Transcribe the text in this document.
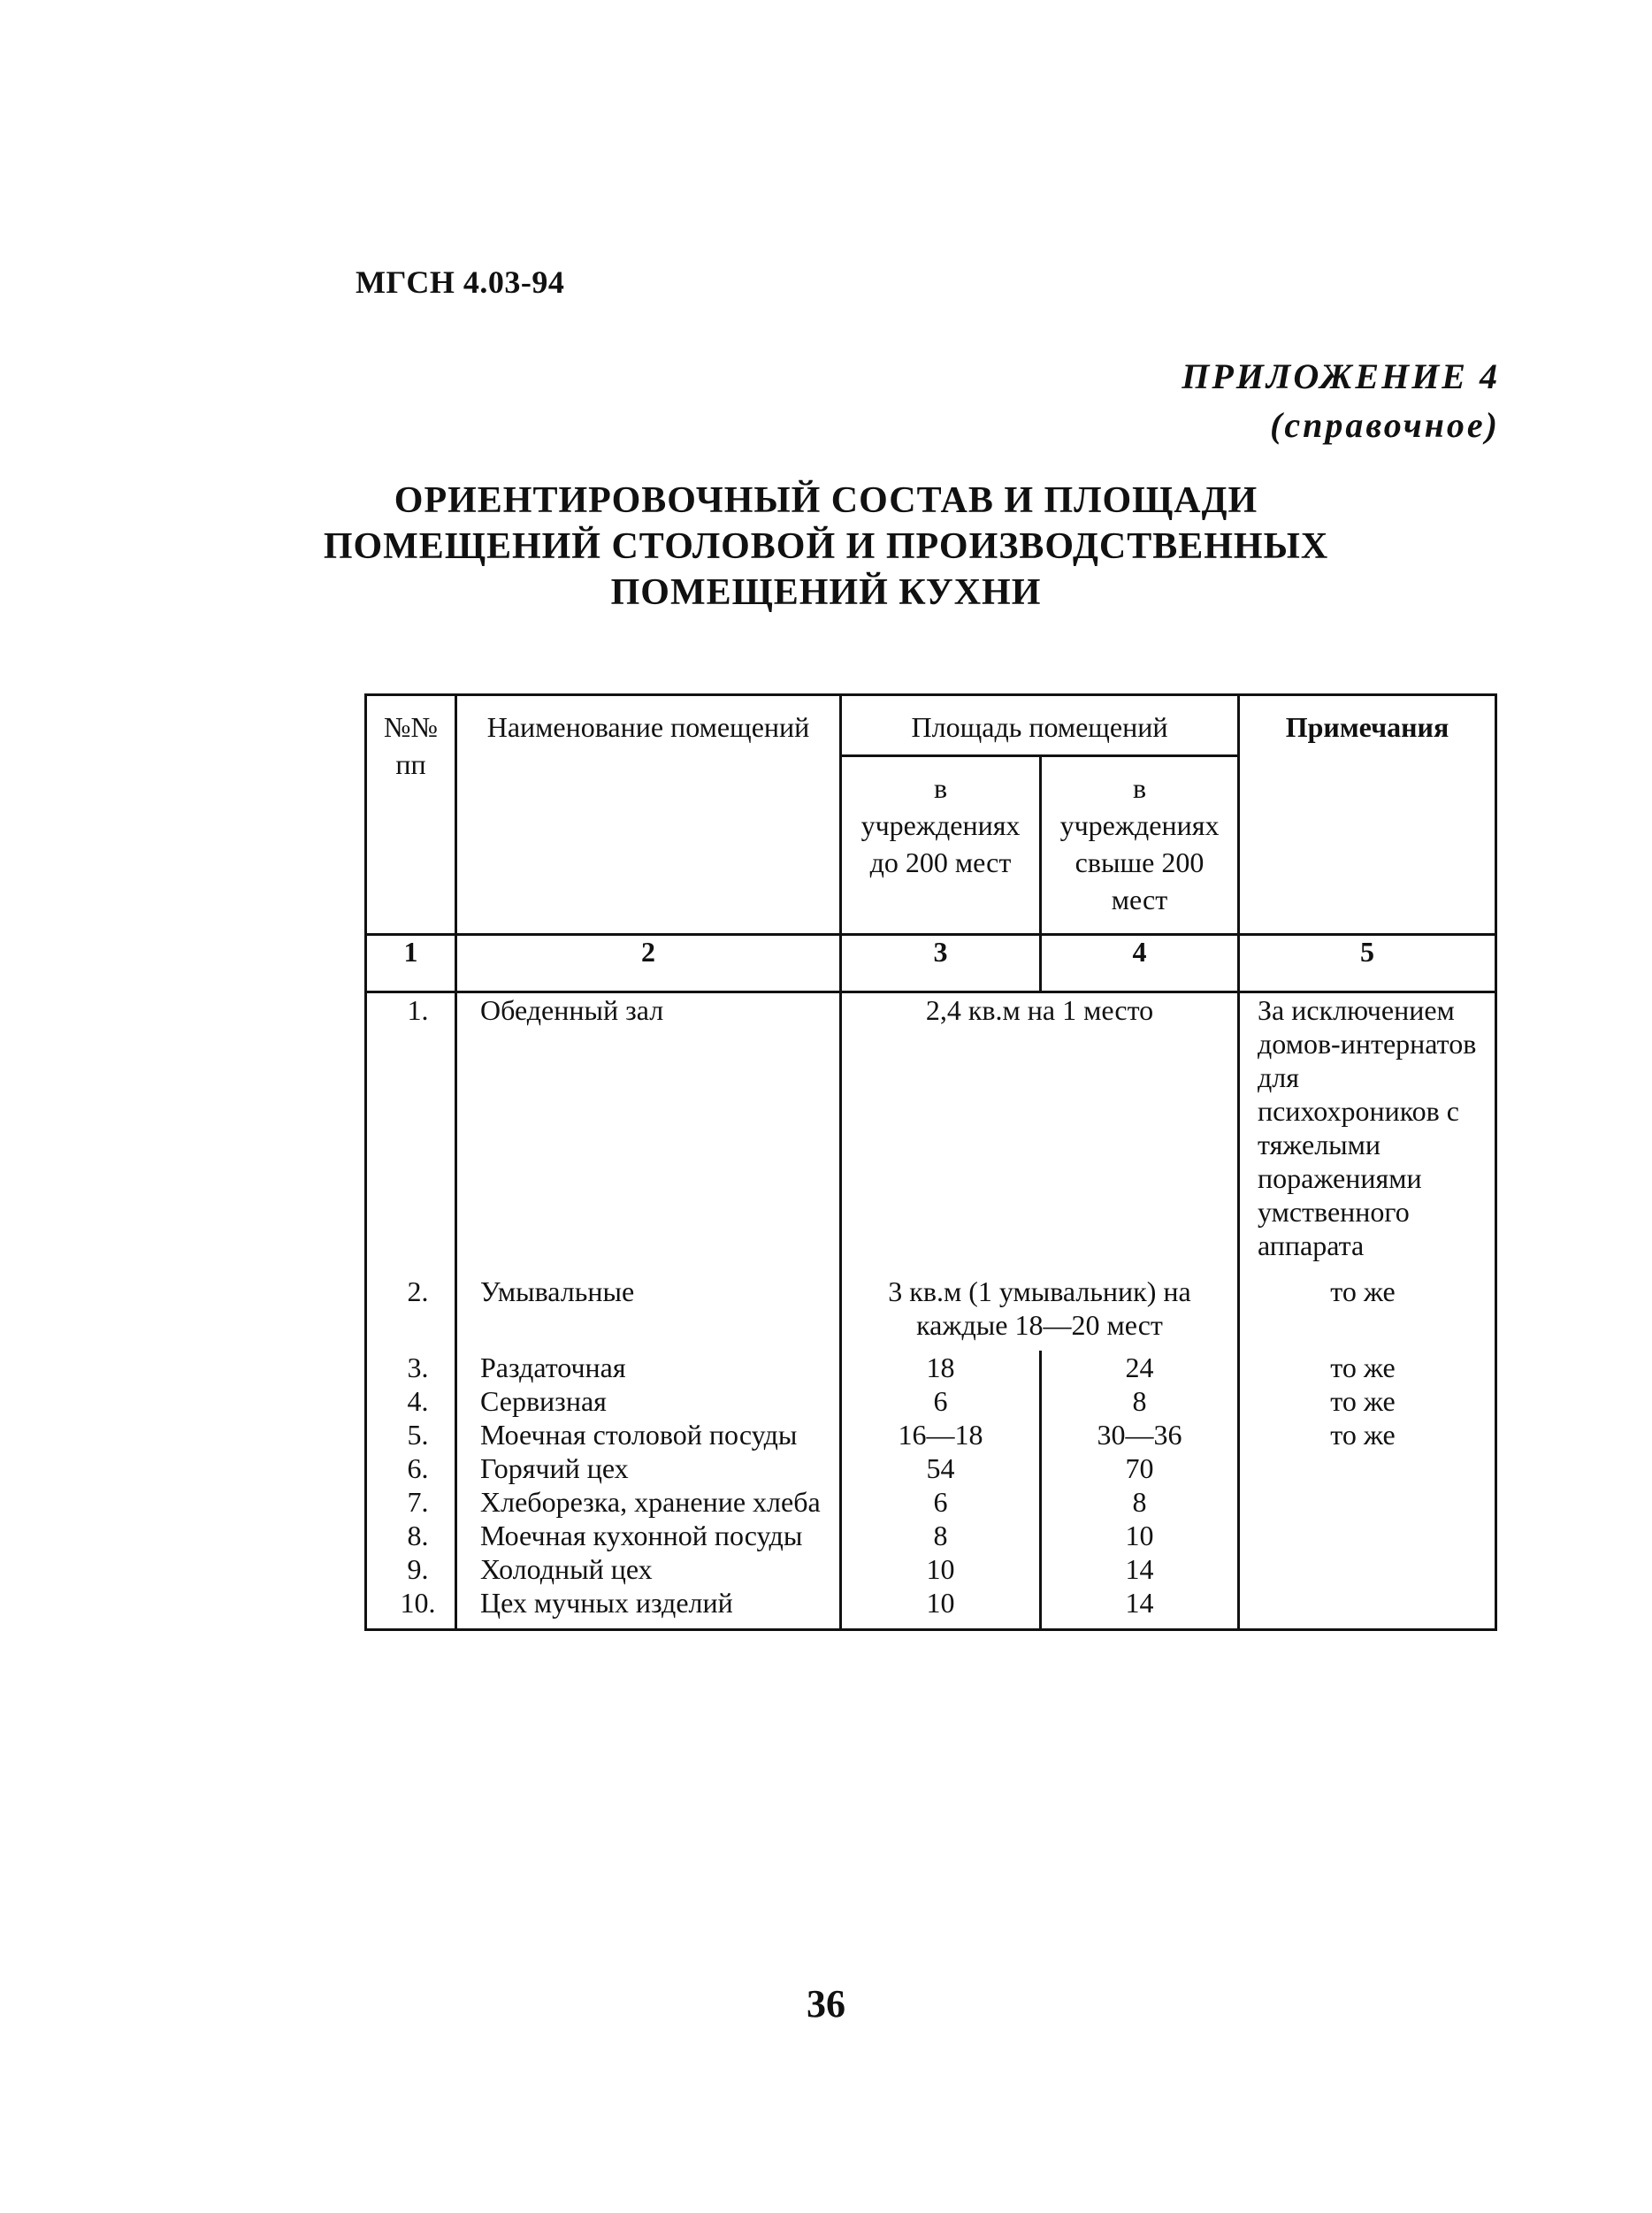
МГСН 4.03-94
ПРИЛОЖЕНИЕ 4
(справочное)
ОРИЕНТИРОВОЧНЫЙ СОСТАВ И ПЛОЩАДИ
ПОМЕЩЕНИЙ СТОЛОВОЙ И ПРОИЗВОДСТВЕННЫХ
ПОМЕЩЕНИЙ КУХНИ
№№ пп	Наименование помещений	Площадь помещений		Примечания
		в учреждениях до 200 мест	в учреждениях свыше 200 мест	
1	2	3	4	5
1.	Обеденный зал	2,4 кв.м на 1 место		За исключением домов-интернатов для психохроников с тяжелыми поражениями умственного аппарата
2.	Умывальные	3 кв.м (1 умывальник) на каждые 18—20 мест		то же
3.	Раздаточная	18	24	то же
4.	Сервизная	6	8	то же
5.	Моечная столовой посуды	16—18	30—36	то же
6.	Горячий цех	54	70	
7.	Хлеборезка, хранение хлеба	6	8	
8.	Моечная кухонной посуды	8	10	
9.	Холодный цех	10	14	
10.	Цех мучных изделий	10	14	
36
